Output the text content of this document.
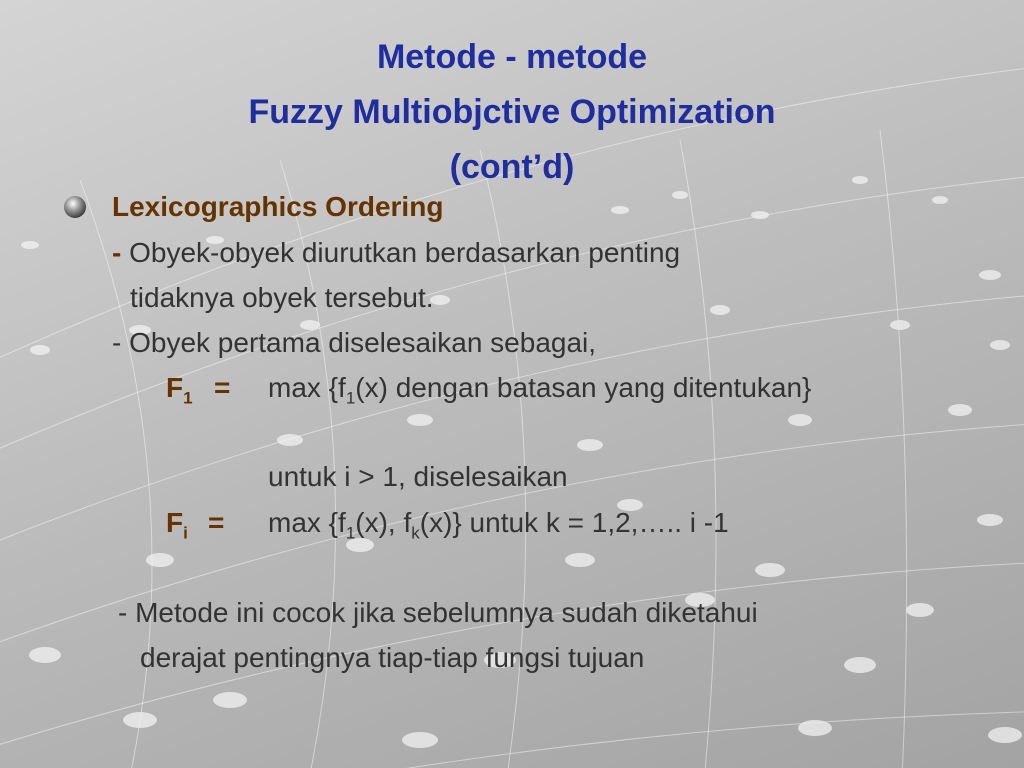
Metode - metode
Fuzzy Multiobjctive Optimization
(cont’d)
Lexicographics Ordering
- Obyek-obyek diurutkan berdasarkan penting
tidaknya obyek tersebut.
- Obyek pertama diselesaikan sebagai,
$F_1 = \max \{f_1(x)$ dengan batasan yang ditentukan}
untuk i > 1, diselesaikan
$F_i = \max \{f_1(x)$, $f_k(x)$} untuk k = 1,2,….. i -1
- Metode ini cocok jika sebelumnya sudah diketahui
derajat pentingnya tiap-tiap fungsi tujuan
